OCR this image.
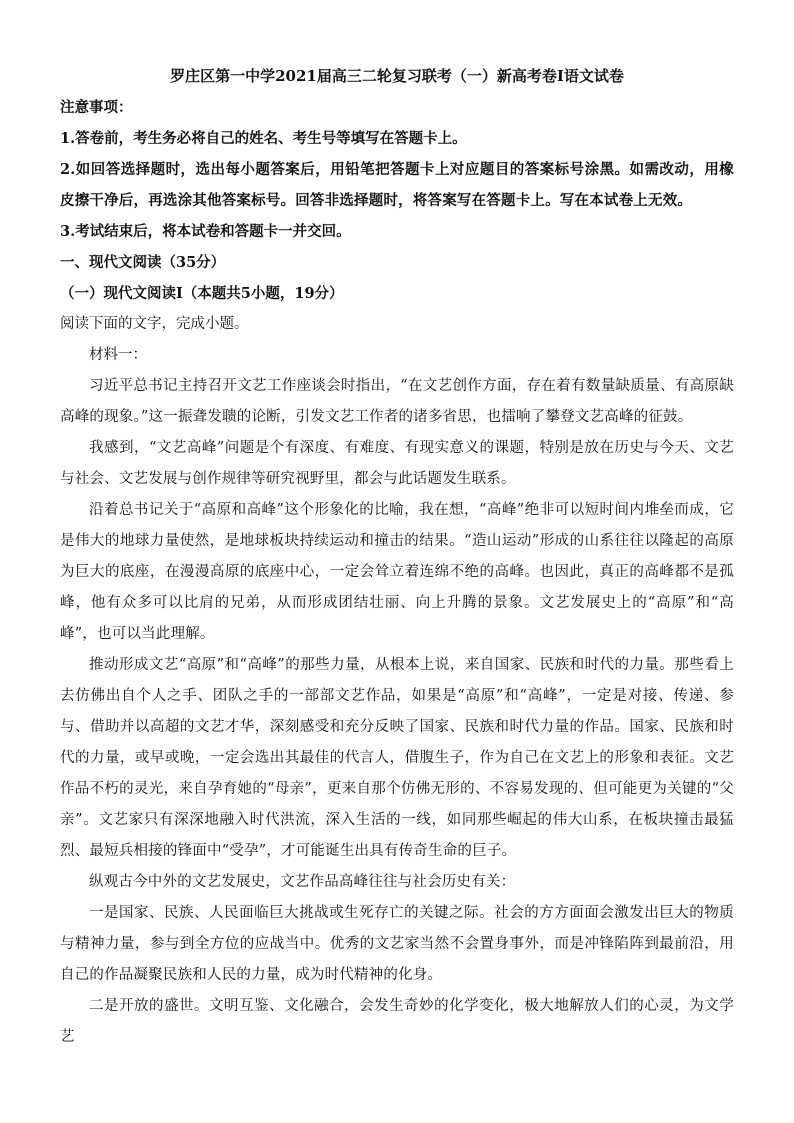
罗庄区第一中学2021届高三二轮复习联考（一）新高考卷Ⅰ语文试卷

注意事项：

1.答卷前，考生务必将自己的姓名、考生号等填写在答题卡上。

2.如回答选择题时，选出每小题答案后，用铅笔把答题卡上对应题目的答案标号涂黑。如需改动，用橡皮擦干净后，再选涂其他答案标号。回答非选择题时，将答案写在答题卡上。写在本试卷上无效。

3.考试结束后，将本试卷和答题卡一并交回。

一、现代文阅读（35分）

（一）现代文阅读Ⅰ（本题共5小题，19分）

阅读下面的文字，完成小题。

材料一：

习近平总书记主持召开文艺工作座谈会时指出，“在文艺创作方面，存在着有数量缺质量、有高原缺高峰的现象。”这一振聋发聩的论断，引发文艺工作者的诸多省思，也擂响了攀登文艺高峰的征鼓。

我感到，“文艺高峰”问题是个有深度、有难度、有现实意义的课题，特别是放在历史与今天、文艺与社会、文艺发展与创作规律等研究视野里，都会与此话题发生联系。

沿着总书记关于“高原和高峰”这个形象化的比喻，我在想，“高峰”绝非可以短时间内堆垒而成，它是伟大的地球力量使然，是地球板块持续运动和撞击的结果。“造山运动”形成的山系往往以隆起的高原为巨大的底座，在漫漫高原的底座中心，一定会耸立着连绵不绝的高峰。也因此，真正的高峰都不是孤峰，他有众多可以比肩的兄弟，从而形成团结壮丽、向上升腾的景象。文艺发展史上的“高原”和“高峰”，也可以当此理解。

推动形成文艺“高原”和“高峰”的那些力量，从根本上说，来自国家、民族和时代的力量。那些看上去仿佛出自个人之手、团队之手的一部部文艺作品，如果是“高原”和“高峰”，一定是对接、传递、参与、借助并以高超的文艺才华，深刻感受和充分反映了国家、民族和时代力量的作品。国家、民族和时代的力量，或早或晚，一定会选出其最佳的代言人，借腹生子，作为自己在文艺上的形象和表征。文艺作品不朽的灵光，来自孕育她的“母亲”，更来自那个仿佛无形的、不容易发现的、但可能更为关键的“父亲”。文艺家只有深深地融入时代洪流，深入生活的一线，如同那些崛起的伟大山系，在板块撞击最猛烈、最短兵相接的锋面中“受孕”，才可能诞生出具有传奇生命的巨子。

纵观古今中外的文艺发展史，文艺作品高峰往往与社会历史有关：

一是国家、民族、人民面临巨大挑战或生死存亡的关键之际。社会的方方面面会激发出巨大的物质与精神力量，参与到全方位的应战当中。优秀的文艺家当然不会置身事外，而是冲锋陷阵到最前沿，用自己的作品凝聚民族和人民的力量，成为时代精神的化身。

二是开放的盛世。文明互鉴、文化融合，会发生奇妙的化学变化，极大地解放人们的心灵，为文学艺
